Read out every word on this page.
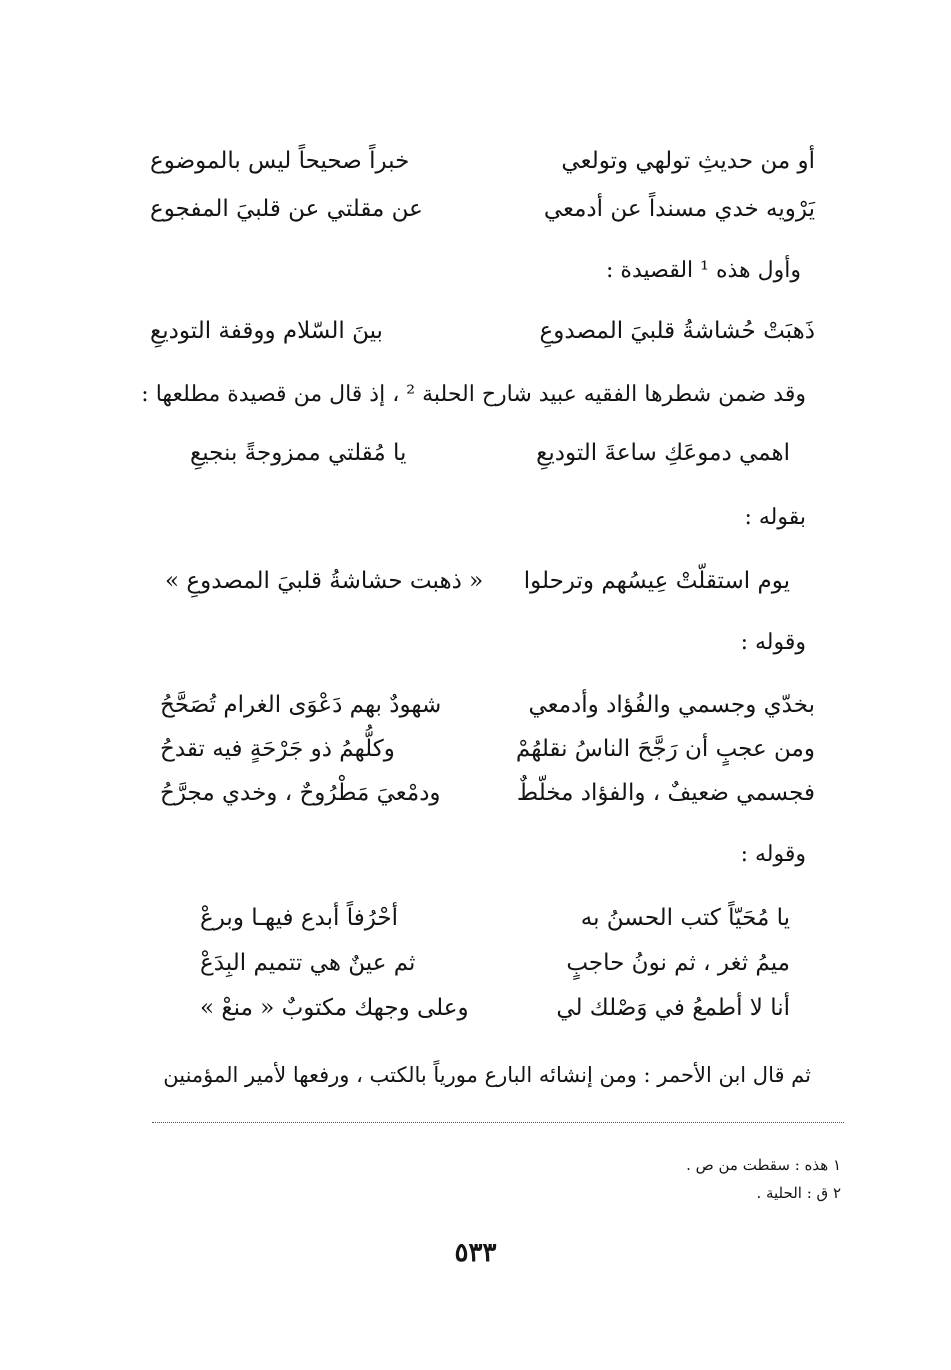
أو من حديثِ تولهي وتولعي
خبراً صحيحاً ليس بالموضوع
يَرْويه خدي مسنداً عن أدمعي
عن مقلتي عن قلبيَ المفجوع
وأول هذه ¹ القصيدة :
ذَهبَتْ حُشاشةُ قلبيَ المصدوعِ
بينَ السّلام ووقفة التوديعِ
وقد ضمن شطرها الفقيه عبيد شارح الحلبة ² ، إذ قال من قصيدة مطلعها :
اهمي دموعَكِ ساعةَ التوديعِ
يا مُقلتي ممزوجةً بنجيعِ
بقوله :
يوم استقلّتْ عِيسُهم وترحلوا
« ذهبت حشاشةُ قلبيَ المصدوعِ »
وقوله :
بخدّي وجسمي والفُؤاد وأدمعي
شهودٌ بهم دَعْوَى الغرام تُصَحَّحُ
ومن عجبٍ أن رَجَّحَ الناسُ نقلهُمْ
وكلُّهمُ ذو جَرْحَةٍ فيه تقدحُ
فجسمي ضعيفٌ ، والفؤاد مخلّطٌ
ودمْعيَ مَطْرُوحٌ ، وخدي مجرَّحُ
وقوله :
يا مُحَيّاً كتب الحسنُ به
أحْرُفاً أبدع فيهـا وبرعْ
ميمُ ثغر ، ثم نونُ حاجبٍ
ثم عينٌ هي تتميم البِدَعْ
أنا لا أطمعُ في وَصْلك لي
وعلى وجهك مكتوبٌ « منعْ »
ثم قال ابن الأحمر : ومن إنشائه البارع مورياً بالكتب ، ورفعها لأمير المؤمنين
١ هذه : سقطت من ص .
٢ ق : الحلية .
٥٣٣
